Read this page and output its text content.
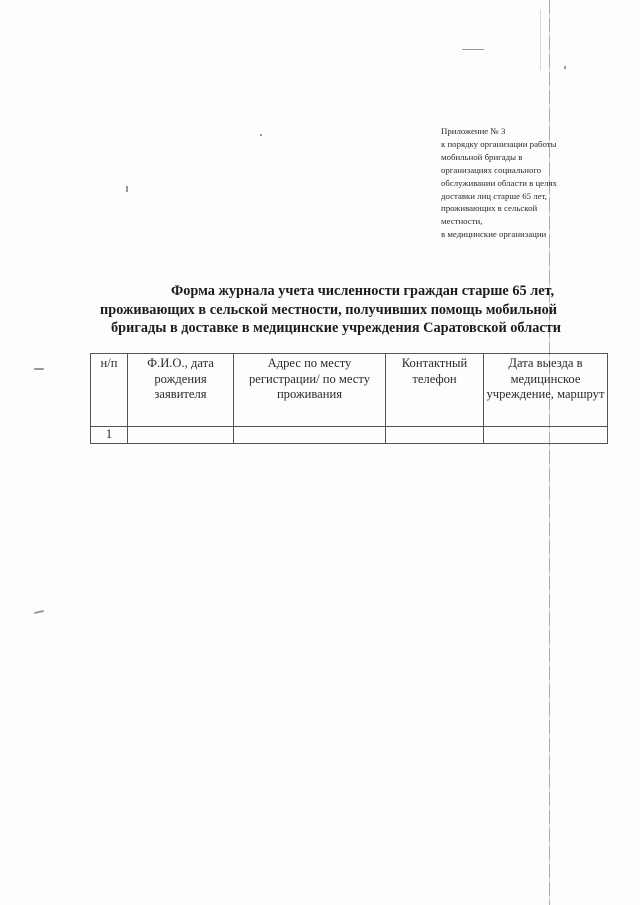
Приложение № 3
к порядку организации работы
мобильной бригады в
организациях социального
обслуживании области в целях
доставки лиц старше 65 лет,
проживающих в сельской
местности,
в медицинские организации
Форма журнала учета численности граждан старше 65 лет,
проживающих в сельской местности, получивших помощь мобильной
бригады в доставке в медицинские учреждения Саратовской области
н/п	Ф.И.О., дата рождения заявителя	Адрес по месту регистрации/ по месту проживания	Контактный телефон	Дата выезда в медицинское учреждение, маршрут
1				
